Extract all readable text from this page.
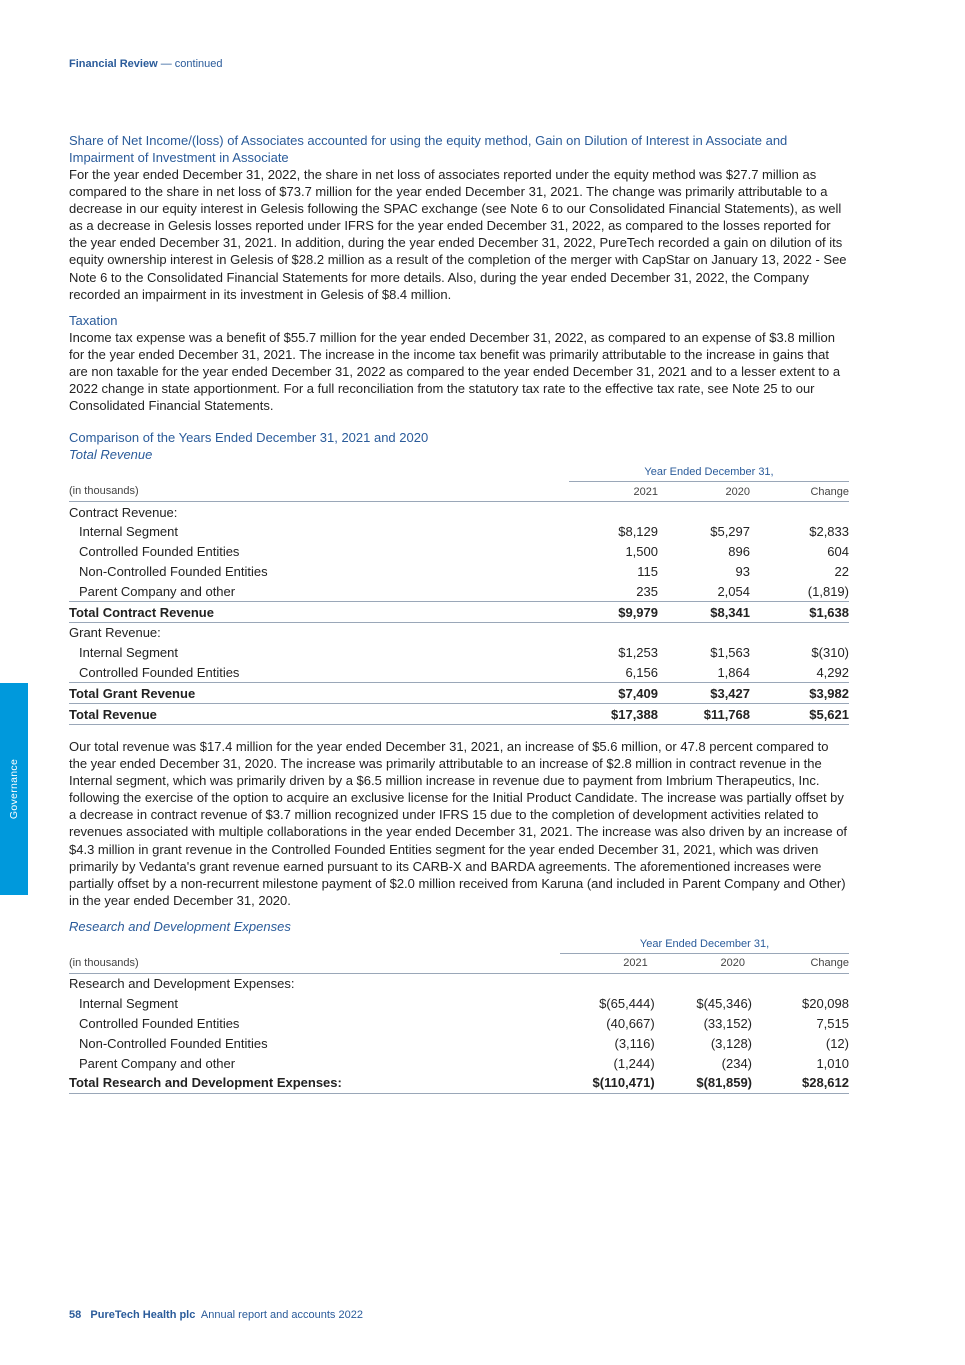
Financial Review — continued
Governance
Share of Net Income/(loss) of Associates accounted for using the equity method, Gain on Dilution of Interest in Associate and Impairment of Investment in Associate

For the year ended December 31, 2022, the share in net loss of associates reported under the equity method was $27.7 million as compared to the share in net loss of $73.7 million for the year ended December 31, 2021. The change was primarily attributable to a decrease in our equity interest in Gelesis following the SPAC exchange (see Note 6 to our Consolidated Financial Statements), as well as a decrease in Gelesis losses reported under IFRS for the year ended December 31, 2022, as compared to the losses reported for the year ended December 31, 2021. In addition, during the year ended December 31, 2022, PureTech recorded a gain on dilution of its equity ownership interest in Gelesis of $28.2 million as a result of the completion of the merger with CapStar on January 13, 2022 - See Note 6 to the Consolidated Financial Statements for more details. Also, during the year ended December 31, 2022, the Company recorded an impairment in its investment in Gelesis of $8.4 million.

Taxation

Income tax expense was a benefit of $55.7 million for the year ended December 31, 2022, as compared to an expense of $3.8 million for the year ended December 31, 2021. The increase in the income tax benefit was primarily attributable to the increase in gains that are non taxable for the year ended December 31, 2022 as compared to the year ended December 31, 2021 and to a lesser extent to a 2022 change in state apportionment. For a full reconciliation from the statutory tax rate to the effective tax rate, see Note 25 to our Consolidated Financial Statements.

Comparison of the Years Ended December 31, 2021 and 2020
Total Revenue
	Year Ended December 31,		
(in thousands)	2021	2020	Change
Contract Revenue:			
Internal Segment	$8,129	$5,297	$2,833
Controlled Founded Entities	1,500	896	604
Non-Controlled Founded Entities	115	93	22
Parent Company and other	235	2,054	(1,819)
Total Contract Revenue	$9,979	$8,341	$1,638
Grant Revenue:			
Internal Segment	$1,253	$1,563	$(310)
Controlled Founded Entities	6,156	1,864	4,292
Total Grant Revenue	$7,409	$3,427	$3,982
Total Revenue	$17,388	$11,768	$5,621

Our total revenue was $17.4 million for the year ended December 31, 2021, an increase of $5.6 million, or 47.8 percent compared to the year ended December 31, 2020. The increase was primarily attributable to an increase of $2.8 million in contract revenue in the Internal segment, which was primarily driven by a $6.5 million increase in revenue due to payment from Imbrium Therapeutics, Inc. following the exercise of the option to acquire an exclusive license for the Initial Product Candidate. The increase was partially offset by a decrease in contract revenue of $3.7 million recognized under IFRS 15 due to the completion of development activities related to revenues associated with multiple collaborations in the year ended December 31, 2021. The increase was also driven by an increase of $4.3 million in grant revenue in the Controlled Founded Entities segment for the year ended December 31, 2021, which was driven primarily by Vedanta's grant revenue earned pursuant to its CARB-X and BARDA agreements. The aforementioned increases were partially offset by a non-recurrent milestone payment of $2.0 million received from Karuna (and included in Parent Company and Other) in the year ended December 31, 2020.

Research and Development Expenses
	Year Ended December 31,		
(in thousands)	2021	2020	Change
Research and Development Expenses:			
Internal Segment	$(65,444)	$(45,346)	$20,098
Controlled Founded Entities	(40,667)	(33,152)	7,515
Non-Controlled Founded Entities	(3,116)	(3,128)	(12)
Parent Company and other	(1,244)	(234)	1,010
Total Research and Development Expenses:	$(110,471)	$(81,859)	$28,612
58 PureTech Health plc Annual report and accounts 2022
